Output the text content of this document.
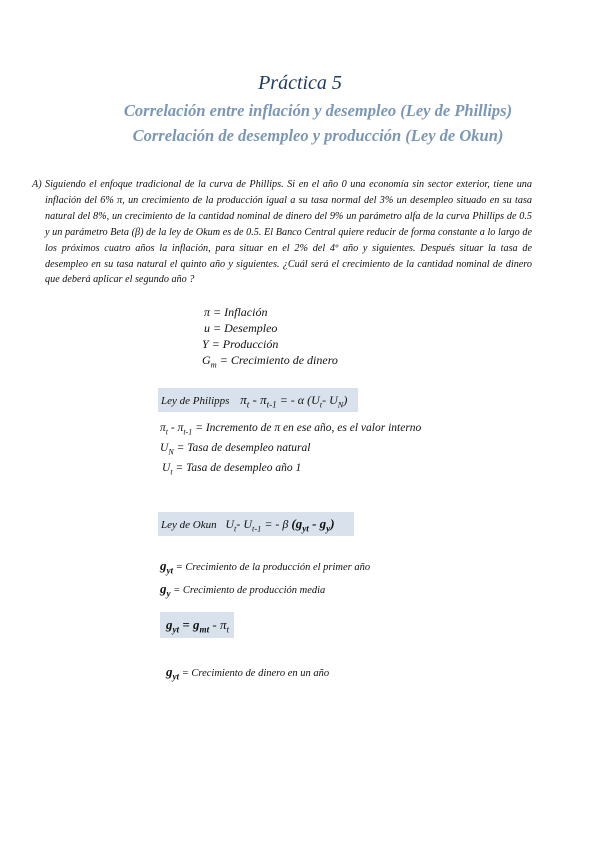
Práctica 5
Correlación entre inflación y desempleo (Ley de Phillips)
Correlación de desempleo y producción (Ley de Okun)
A) Siguiendo el enfoque tradicional de la curva de Phillips. Si en el año 0 una economía sin sector exterior, tiene una inflación del 6% π, un crecimiento de la producción igual a su tasa normal del 3% un desempleo situado en su tasa natural del 8%, un crecimiento de la cantidad nominal de dinero del 9% un parámetro alfa de la curva Phillips de 0.5 y un parámetro Beta (β) de la ley de Okum es de 0.5. El Banco Central quiere reducir de forma constante a lo largo de los próximos cuatro años la inflación, para situar en el 2% del 4º año y siguientes. Después situar la tasa de desempleo en su tasa natural el quinto año y siguientes. ¿Cuál será el crecimiento de la cantidad nominal de dinero que deberá aplicar el segundo año ?
π = Inflación
u = Desempleo
Y = Producción
$G_m$ = Crecimiento de dinero
Ley de Philipps $\pi_t - \pi_{t-1}$ = - α ($U_t-$ $U_N$)
$\pi_t - \pi_{t-1}$ = Incremento de π en ese año, es el valor interno
$U_N$ = Tasa de desempleo natural
$U_t$ = Tasa de desempleo año 1
Ley de Okun $U_t-$ $U_{t-1}$ = - β $(g_{yt} - g_y)$
$g_{yt}$ = Crecimiento de la producción el primer año
$g_y$ = Crecimiento de producción media
$g_{yt} = g_{mt} - \pi_t$
$g_{yt}$ = Crecimiento de dinero en un año
